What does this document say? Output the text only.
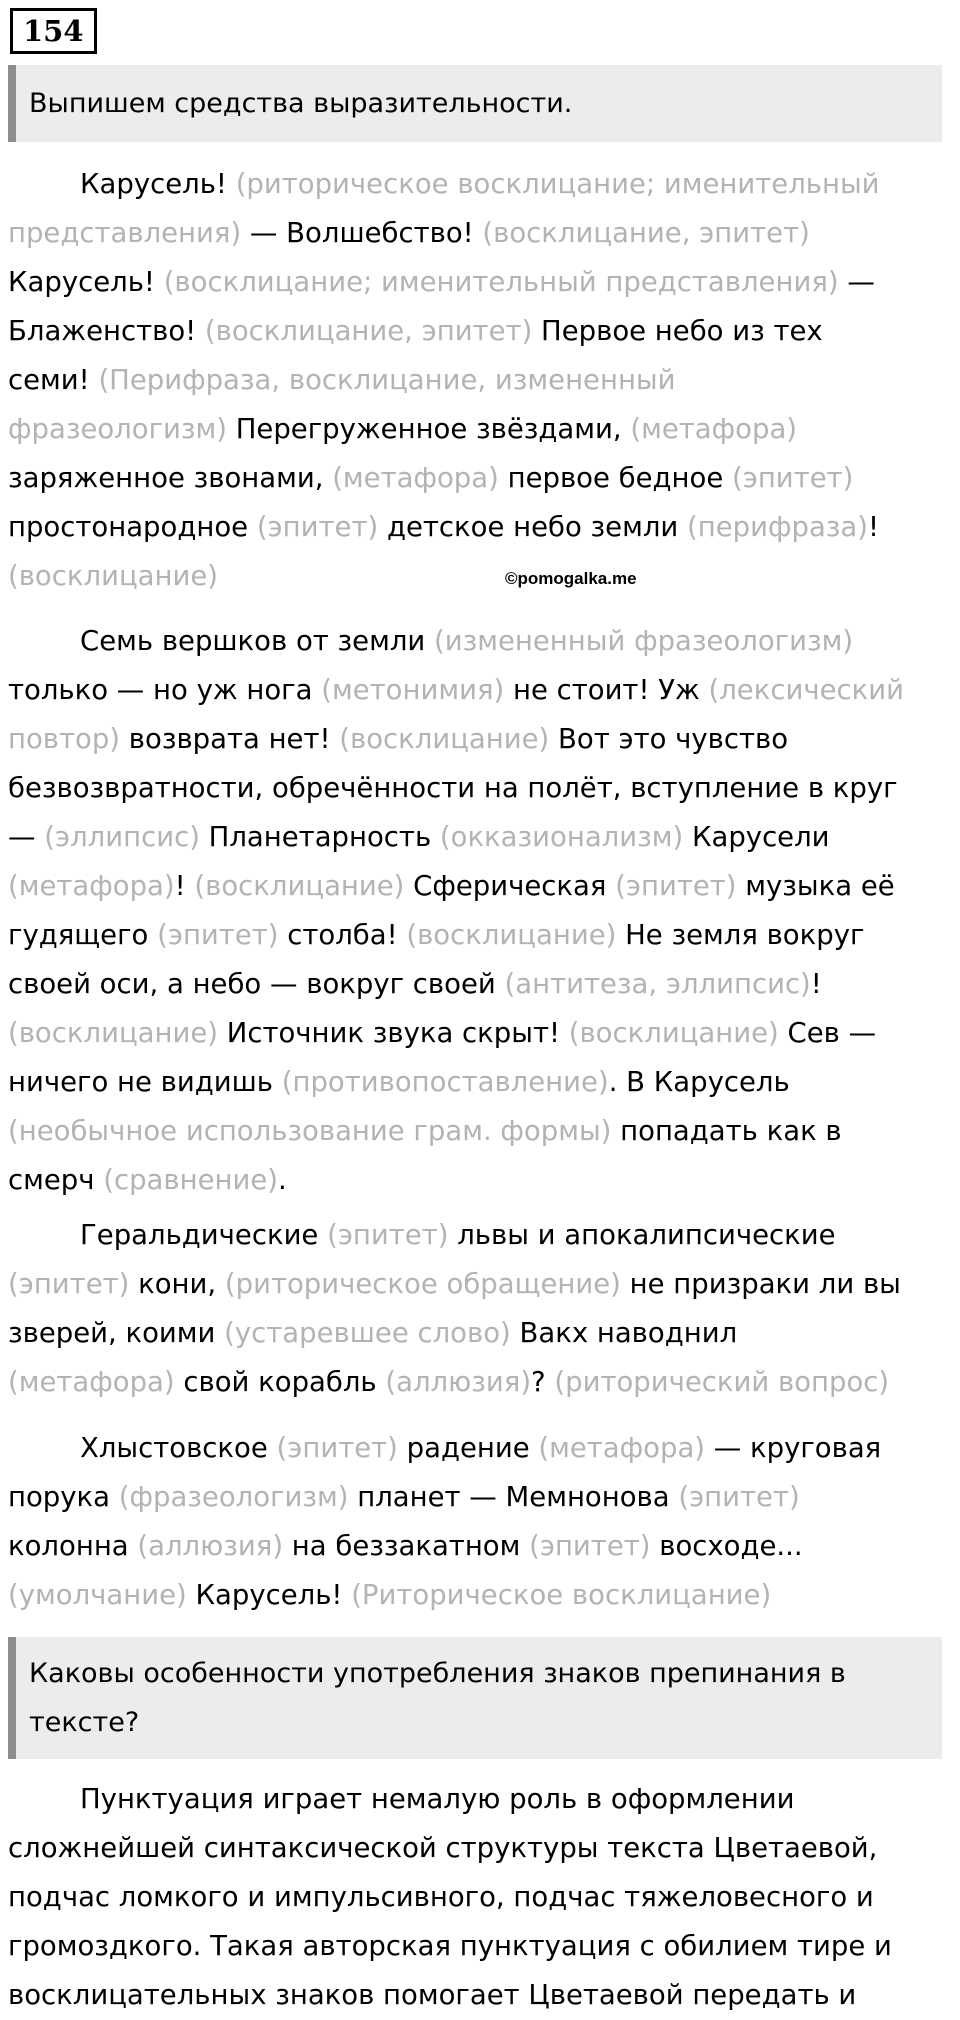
154
Выпишем средства выразительности.
Карусель! (риторическое восклицание; именительный
представления) — Волшебство! (восклицание, эпитет)
Карусель! (восклицание; именительный представления) —
Блаженство! (восклицание, эпитет) Первое небо из тех
семи! (Перифраза, восклицание, измененный
фразеологизм) Перегруженное звёздами, (метафора)
заряженное звонами, (метафора) первое бедное (эпитет)
простонародное (эпитет) детское небо земли (перифраза)!
(восклицание)	©pomogalka.me
Семь вершков от земли (измененный фразеологизм)
только — но уж нога (метонимия) не стоит! Уж (лексический
повтор) возврата нет! (восклицание) Вот это чувство
безвозвратности, обречённости на полёт, вступление в круг
— (эллипсис) Планетарность (окказионализм) Карусели
(метафора)! (восклицание) Сферическая (эпитет) музыка её
гудящего (эпитет) столба! (восклицание) Не земля вокруг
своей оси, а небо — вокруг своей (антитеза, эллипсис)!
(восклицание) Источник звука скрыт! (восклицание) Сев —
ничего не видишь (противопоставление). В Карусель
(необычное использование грам. формы) попадать как в
смерч (сравнение).
Геральдические (эпитет) львы и апокалипсические
(эпитет) кони, (риторическое обращение) не призраки ли вы
зверей, коими (устаревшее слово) Вакх наводнил
(метафора) свой корабль (аллюзия)? (риторический вопрос)
Хлыстовское (эпитет) радение (метафора) — круговая
порука (фразеологизм) планет — Мемнонова (эпитет)
колонна (аллюзия) на беззакатном (эпитет) восходе...
(умолчание) Карусель! (Риторическое восклицание)
Каковы особенности употребления знаков препинания в тексте?
Пунктуация играет немалую роль в оформлении
сложнейшей синтаксической структуры текста Цветаевой,
подчас ломкого и импульсивного, подчас тяжеловесного и
громоздкого. Такая авторская пунктуация с обилием тире и
восклицательных знаков помогает Цветаевой передать и
